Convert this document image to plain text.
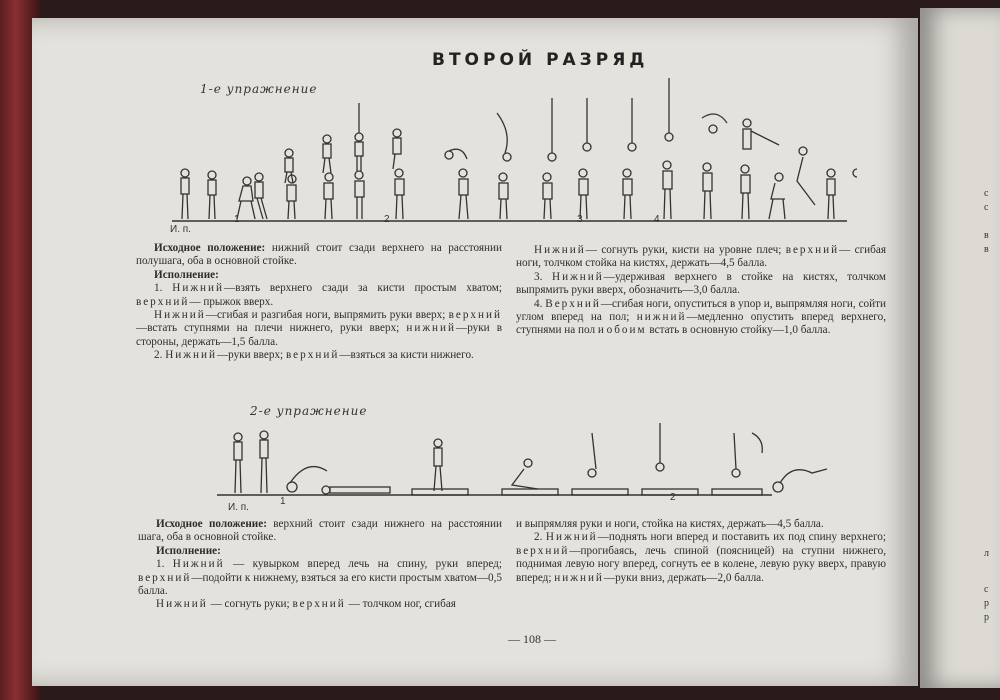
ВТОРОЙ РАЗРЯД
1-е упражнение
1	2	3	4
И. п.

Исходное положение: нижний стоит сзади верхнего на расстоянии полушага, оба в основной стойке.

Исполнение:

1. Нижний—взять верхнего сзади за кисти простым хватом; верхний— прыжок вверх.

Нижний—сгибая и разгибая ноги, выпрямить руки вверх; верхний—встать ступнями на плечи нижнего, руки вверх; нижний—руки в стороны, держать—1,5 балла.

2. Нижний—руки вверх; верхний—взяться за кисти нижнего.

Нижний— согнуть руки, кисти на уровне плеч; верхний— сгибая ноги, толчком стойка на кистях, держать—4,5 балла.

3. Нижний—удерживая верхнего в стойке на кистях, толчком выпрямить руки вверх, обозначить—3,0 балла.

4. Верхний—сгибая ноги, опуститься в упор и, выпрямляя ноги, сойти углом вперед на пол; нижний—медленно опустить вперед верхнего, ступнями на пол и обоим встать в основную стойку—1,0 балла.

2-е упражнение
1	2
И. п.

Исходное положение: верхний стоит сзади нижнего на расстоянии шага, оба в основной стойке.

Исполнение:

1. Нижний — кувырком вперед лечь на спину, руки вперед; верхний—подойти к нижнему, взяться за его кисти простым хватом—0,5 балла.

Нижний — согнуть руки; верхний — толчком ног, сгибая

и выпрямляя руки и ноги, стойка на кистях, держать—4,5 балла.

2. Нижний—поднять ноги вперед и поставить их под спину верхнего; верхний—прогибаясь, лечь спиной (поясницей) на ступни нижнего, поднимая левую ногу вперед, согнуть ее в колене, левую руку вверх, правую вперед; нижний—руки вниз, держать—2,0 балла.

— 108 —
с
с
в
в
л
с
р
р
